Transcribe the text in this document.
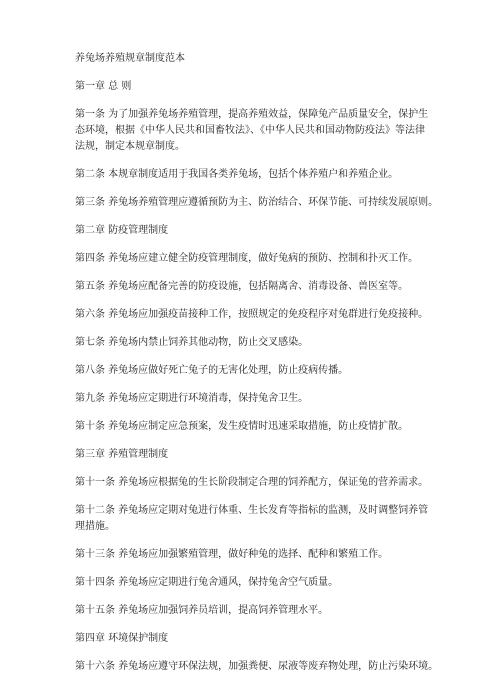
养兔场养殖规章制度范本

第一章 总 则

第一条 为了加强养兔场养殖管理，提高养殖效益，保障兔产品质量安全，保护生
态环境，根据《中华人民共和国畜牧法》、《中华人民共和国动物防疫法》等法律
法规，制定本规章制度。

第二条 本规章制度适用于我国各类养兔场，包括个体养殖户和养殖企业。

第三条 养兔场养殖管理应遵循预防为主、防治结合、环保节能、可持续发展原则。

第二章 防疫管理制度

第四条 养兔场应建立健全防疫管理制度，做好兔病的预防、控制和扑灭工作。

第五条 养兔场应配备完善的防疫设施，包括隔离舍、消毒设备、兽医室等。

第六条 养兔场应加强疫苗接种工作，按照规定的免疫程序对兔群进行免疫接种。

第七条 养兔场内禁止饲养其他动物，防止交叉感染。

第八条 养兔场应做好死亡兔子的无害化处理，防止疫病传播。

第九条 养兔场应定期进行环境消毒，保持兔舍卫生。

第十条 养兔场应制定应急预案，发生疫情时迅速采取措施，防止疫情扩散。

第三章 养殖管理制度

第十一条 养兔场应根据兔的生长阶段制定合理的饲养配方，保证兔的营养需求。

第十二条 养兔场应定期对兔进行体重、生长发育等指标的监测，及时调整饲养管
理措施。

第十三条 养兔场应加强繁殖管理，做好种兔的选择、配种和繁殖工作。

第十四条 养兔场应定期进行兔舍通风，保持兔舍空气质量。

第十五条 养兔场应加强饲养员培训，提高饲养管理水平。

第四章 环境保护制度

第十六条 养兔场应遵守环保法规，加强粪便、尿液等废弃物处理，防止污染环境。
